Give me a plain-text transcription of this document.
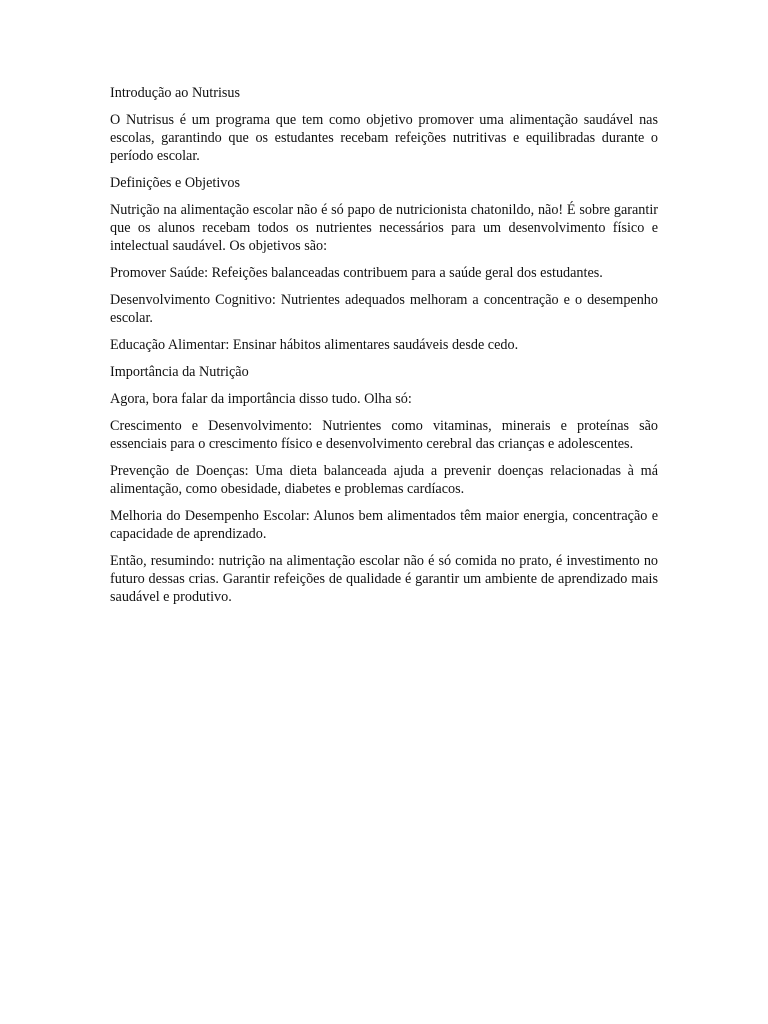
Introdução ao Nutrisus

O Nutrisus é um programa que tem como objetivo promover uma alimentação saudável nas escolas, garantindo que os estudantes recebam refeições nutritivas e equilibradas durante o período escolar.

Definições e Objetivos

Nutrição na alimentação escolar não é só papo de nutricionista chatonildo, não! É sobre garantir que os alunos recebam todos os nutrientes necessários para um desenvolvimento físico e intelectual saudável. Os objetivos são:

Promover Saúde: Refeições balanceadas contribuem para a saúde geral dos estudantes.

Desenvolvimento Cognitivo: Nutrientes adequados melhoram a concentração e o desempenho escolar.

Educação Alimentar: Ensinar hábitos alimentares saudáveis desde cedo.

Importância da Nutrição

Agora, bora falar da importância disso tudo. Olha só:

Crescimento e Desenvolvimento: Nutrientes como vitaminas, minerais e proteínas são essenciais para o crescimento físico e desenvolvimento cerebral das crianças e adolescentes.

Prevenção de Doenças: Uma dieta balanceada ajuda a prevenir doenças relacionadas à má alimentação, como obesidade, diabetes e problemas cardíacos.

Melhoria do Desempenho Escolar: Alunos bem alimentados têm maior energia, concentração e capacidade de aprendizado.

Então, resumindo: nutrição na alimentação escolar não é só comida no prato, é investimento no futuro dessas crias. Garantir refeições de qualidade é garantir um ambiente de aprendizado mais saudável e produtivo.
